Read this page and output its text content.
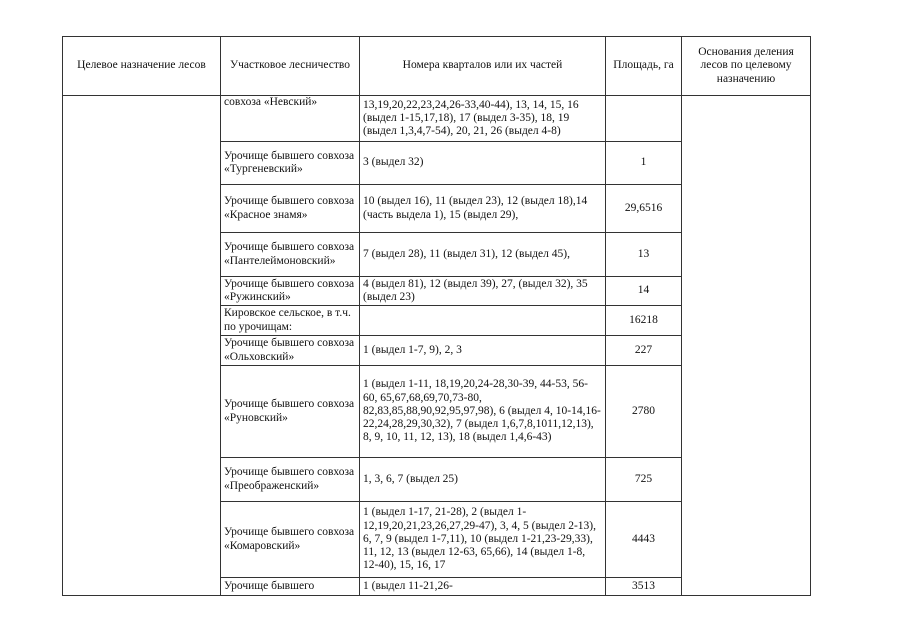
Целевое назначение лесов	Участковое лесничество	Номера кварталов или их частей	Площадь, га	Основания деления лесов по целевому назначению
	совхоза «Невский»	13,19,20,22,23,24,26-33,40-44), 13, 14, 15, 16 (выдел 1-15,17,18), 17 (выдел 3-35), 18, 19 (выдел 1,3,4,7-54), 20, 21, 26 (выдел 4-8)		
	Урочище бывшего совхоза «Тургеневский»	3 (выдел 32)	1	
	Урочище бывшего совхоза «Красное знамя»	10 (выдел 16), 11 (выдел 23), 12 (выдел 18),14 (часть выдела 1), 15 (выдел 29),	29,6516	
	Урочище бывшего совхоза «Пантелеймоновский»	7 (выдел 28), 11 (выдел 31), 12 (выдел 45),	13	
	Урочище бывшего совхоза «Ружинский»	4 (выдел 81), 12 (выдел 39), 27, (выдел 32), 35 (выдел 23)	14	
	Кировское сельское, в т.ч. по урочищам:		16218	
	Урочище бывшего совхоза «Ольховский»	1 (выдел 1-7, 9), 2, 3	227	
	Урочище бывшего совхоза «Руновский»	1 (выдел 1-11, 18,19,20,24-28,30-39, 44-53, 56-60, 65,67,68,69,70,73-80, 82,83,85,88,90,92,95,97,98), 6 (выдел 4, 10-14,16-22,24,28,29,30,32), 7 (выдел 1,6,7,8,1011,12,13), 8, 9, 10, 11, 12, 13), 18 (выдел 1,4,6-43)	2780	
	Урочище бывшего совхоза «Преображенский»	1, 3, 6, 7 (выдел 25)	725	
	Урочище бывшего совхоза «Комаровский»	1 (выдел 1-17, 21-28), 2 (выдел 1-12,19,20,21,23,26,27,29-47), 3, 4, 5 (выдел 2-13), 6, 7, 9 (выдел 1-7,11), 10 (выдел 1-21,23-29,33), 11, 12, 13 (выдел 12-63, 65,66), 14 (выдел 1-8, 12-40), 15, 16, 17	4443	
	Урочище бывшего	1 (выдел 11-21,26-	3513	
